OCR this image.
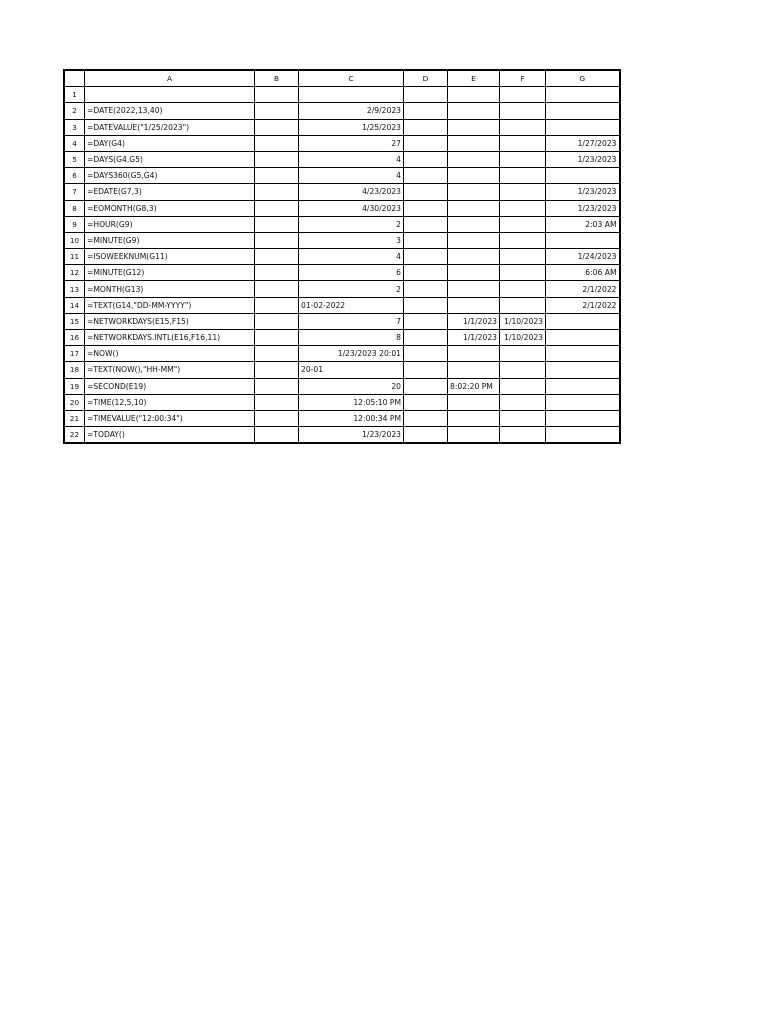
	A	B	C	D	E	F	G
1							
2	=DATE(2022,13,40)		2/9/2023				
3	=DATEVALUE("1/25/2023")		1/25/2023				
4	=DAY(G4)		27				1/27/2023
5	=DAYS(G4,G5)		4				1/23/2023
6	=DAYS360(G5,G4)		4				
7	=EDATE(G7,3)		4/23/2023				1/23/2023
8	=EOMONTH(G8,3)		4/30/2023				1/23/2023
9	=HOUR(G9)		2				2:03 AM
10	=MINUTE(G9)		3				
11	=ISOWEEKNUM(G11)		4				1/24/2023
12	=MINUTE(G12)		6				6:06 AM
13	=MONTH(G13)		2				2/1/2022
14	=TEXT(G14,"DD-MM-YYYY")		01-02-2022				2/1/2022
15	=NETWORKDAYS(E15,F15)		7		1/1/2023	1/10/2023	
16	=NETWORKDAYS.INTL(E16,F16,11)		8		1/1/2023	1/10/2023	
17	=NOW()		1/23/2023 20:01				
18	=TEXT(NOW(),"HH-MM")		20-01				
19	=SECOND(E19)		20		8:02:20 PM		
20	=TIME(12,5,10)		12:05:10 PM				
21	=TIMEVALUE("12:00:34")		12:00:34 PM				
22	=TODAY()		1/23/2023				
